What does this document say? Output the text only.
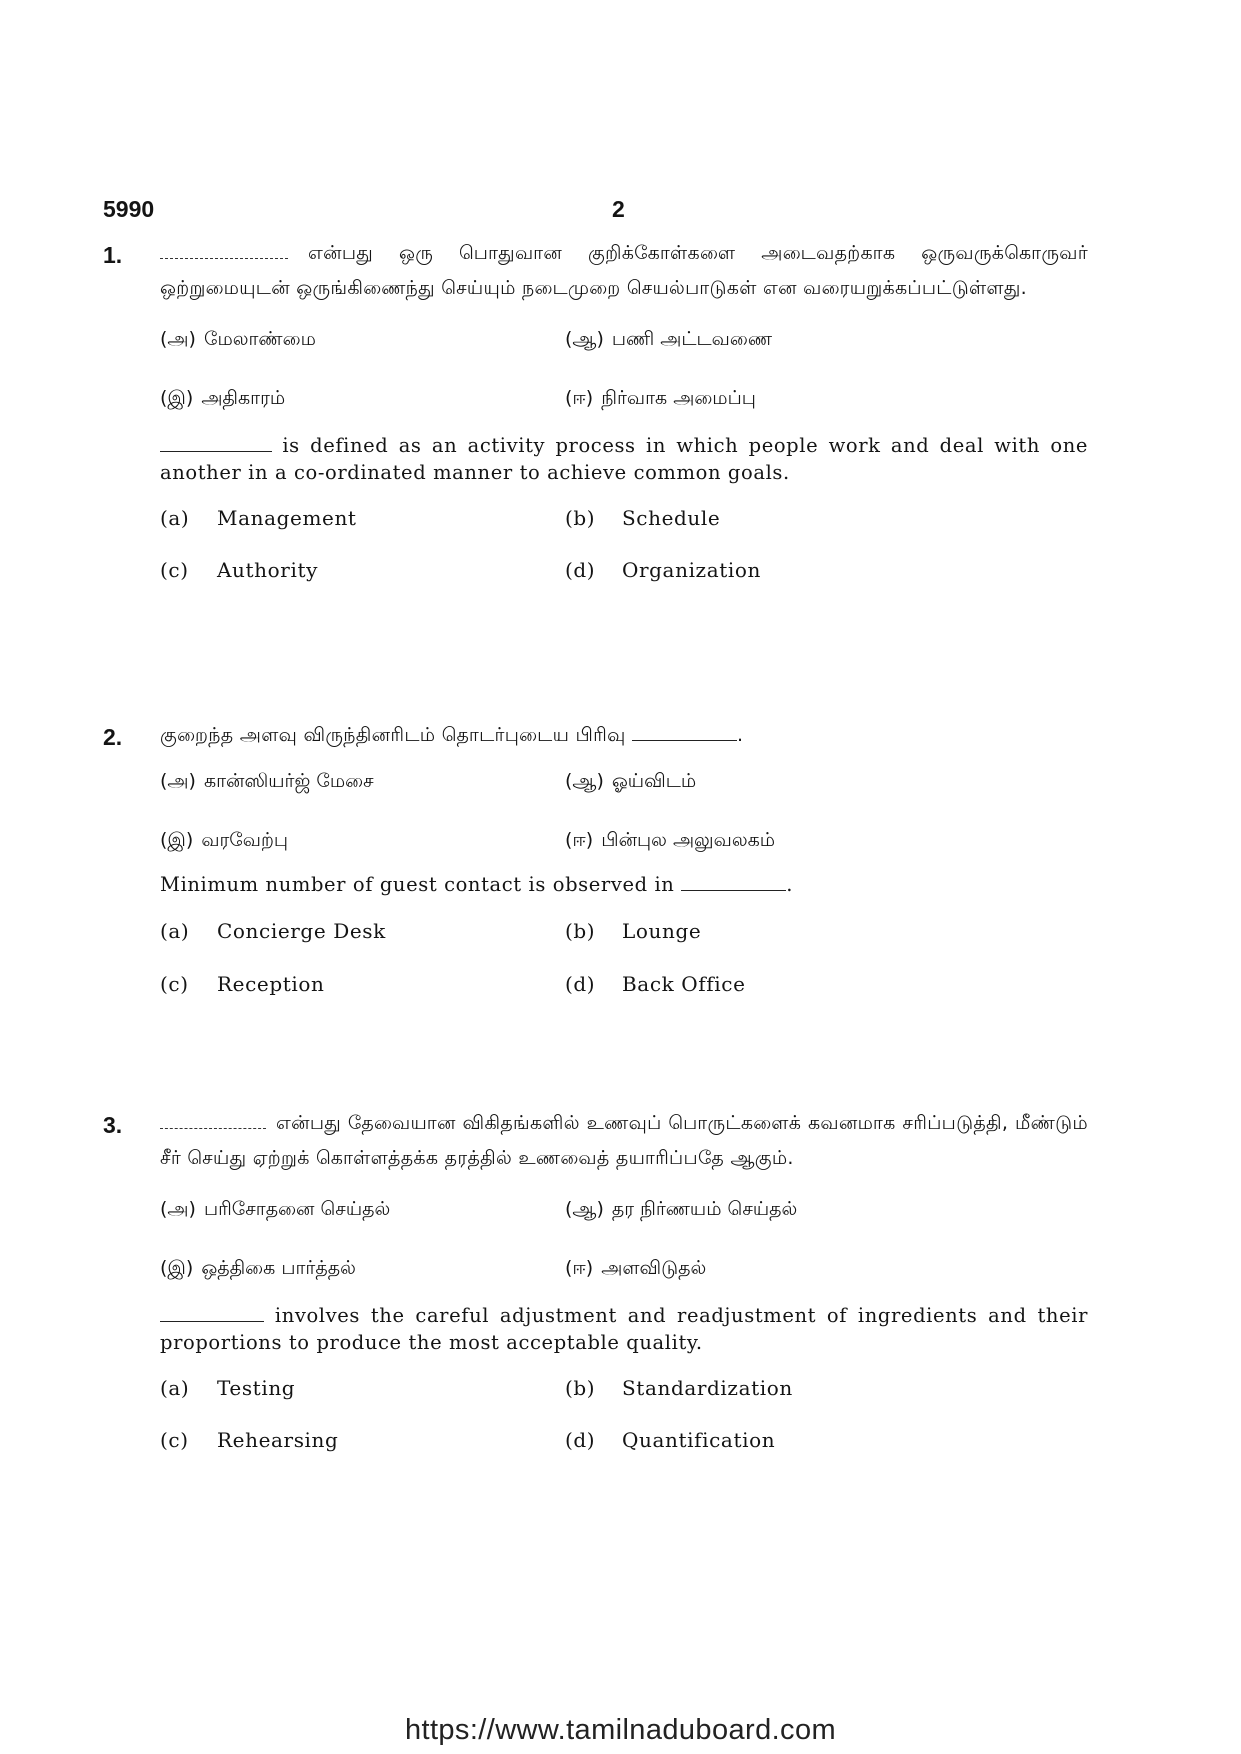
5990	2
1.	என்பது ஒரு பொதுவான குறிக்கோள்களை அடைவதற்காக ஒருவருக்கொருவர் ஒற்றுமையுடன் ஒருங்கிணைந்து செய்யும் நடைமுறை செயல்பாடுகள் என வரையறுக்கப்பட்டுள்ளது.

(அ) மேலாண்மை	(ஆ) பணி அட்டவணை
(இ) அதிகாரம்	(ஈ) நிர்வாக அமைப்பு

is defined as an activity process in which people work and deal with one another in a co-ordinated manner to achieve common goals.

(a) Management	(b) Schedule
(c) Authority	(d) Organization
2. குறைந்த அளவு விருந்தினரிடம் தொடர்புடைய பிரிவு	.

(அ) கான்ஸியர்ஜ் மேசை	(ஆ) ஓய்விடம்
(இ) வரவேற்பு	(ஈ) பின்புல அலுவலகம்

Minimum number of guest contact is observed in	.

(a) Concierge Desk	(b) Lounge
(c) Reception	(d) Back Office
3.	என்பது தேவையான விகிதங்களில் உணவுப் பொருட்களைக் கவனமாக சரிப்படுத்தி, மீண்டும் சீர் செய்து ஏற்றுக் கொள்ளத்தக்க தரத்தில் உணவைத் தயாரிப்பதே ஆகும்.

(அ) பரிசோதனை செய்தல்	(ஆ) தர நிர்ணயம் செய்தல்
(இ) ஒத்திகை பார்த்தல்	(ஈ) அளவிடுதல்

involves the careful adjustment and readjustment of ingredients and their proportions to produce the most acceptable quality.

(a) Testing	(b) Standardization
(c) Rehearsing	(d) Quantification
https://www.tamilnaduboard.com
